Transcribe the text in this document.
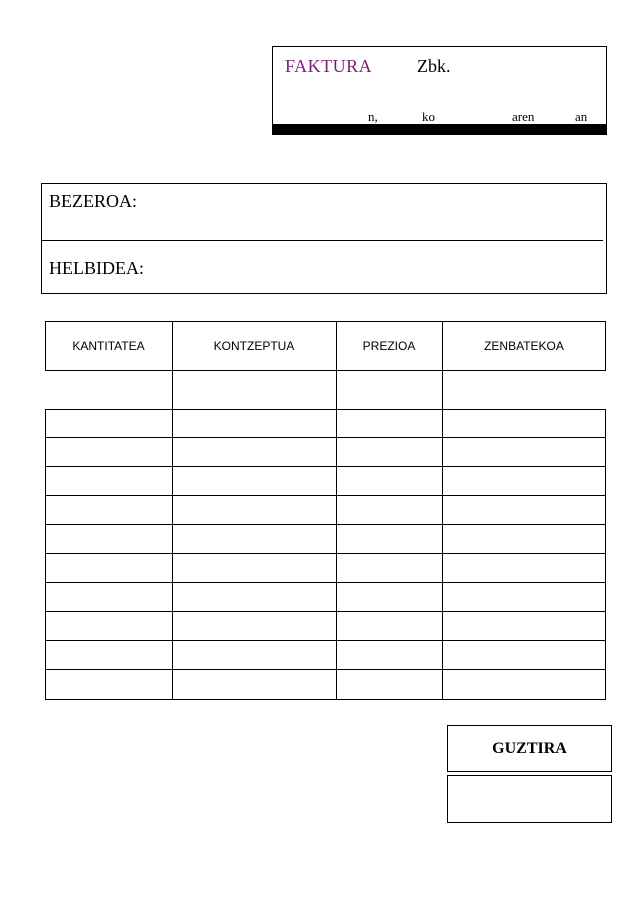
FAKTURA Zbk.
n,	ko	aren	an
BEZEROA:
HELBIDEA:
KANTITATEA	KONTZEPTUA	PREZIOA	ZENBATEKOA
GUZTIRA
